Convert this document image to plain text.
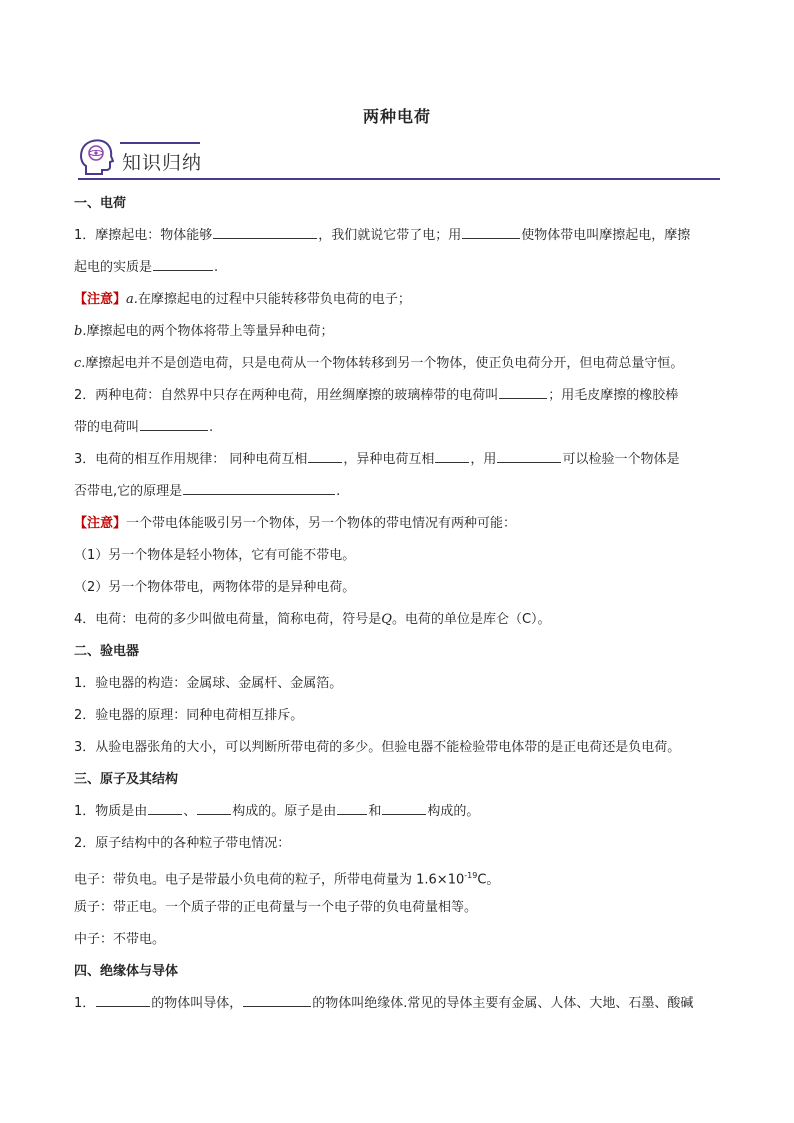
两种电荷
知识归纳
一、电荷
1．摩擦起电：物体能够	，我们就说它带了电；用	使物体带电叫摩擦起电，摩擦
起电的实质是	.
【注意】a.在摩擦起电的过程中只能转移带负电荷的电子；
b.摩擦起电的两个物体将带上等量异种电荷；
c.摩擦起电并不是创造电荷，只是电荷从一个物体转移到另一个物体，使正负电荷分开，但电荷总量守恒。
2．两种电荷：自然界中只存在两种电荷，用丝绸摩擦的玻璃棒带的电荷叫	；用毛皮摩擦的橡胶棒
带的电荷叫	.
3．电荷的相互作用规律： 同种电荷互相	，异种电荷互相	，用	可以检验一个物体是
否带电,它的原理是	.
【注意】一个带电体能吸引另一个物体，另一个物体的带电情况有两种可能：
（1）另一个物体是轻小物体，它有可能不带电。
（2）另一个物体带电，两物体带的是异种电荷。
4．电荷：电荷的多少叫做电荷量，简称电荷，符号是Q。电荷的单位是库仑（C）。
二、验电器
1．验电器的构造：金属球、金属杆、金属箔。
2．验电器的原理：同种电荷相互排斥。
3．从验电器张角的大小，可以判断所带电荷的多少。但验电器不能检验带电体带的是正电荷还是负电荷。
三、原子及其结构
1．物质是由	、	构成的。原子是由 和	构成的。
2．原子结构中的各种粒子带电情况：
电子：带负电。电子是带最小负电荷的粒子，所带电荷量为 $1.6\times 10^{-19}C$。
质子：带正电。一个质子带的正电荷量与一个电子带的负电荷量相等。
中子：不带电。
四、绝缘体与导体
1．	的物体叫导体，	的物体叫绝缘体.常见的导体主要有金属、人体、大地、石墨、酸碱
